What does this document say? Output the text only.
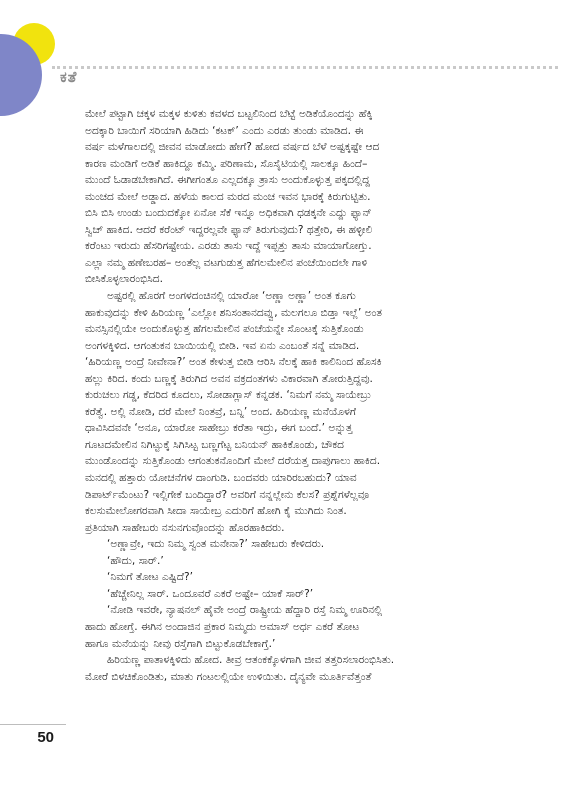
ಕತೆ
ಮೇಲೆ ಪಟ್ಟಾಗಿ ಚಕ್ಕಳ ಮಕ್ಕಳ ಕುಳಿತು ಕವಳದ ಬಟ್ಟಲಿನಿಂದ ಬೆಟ್ಟೆ ಅಡಿಕೆಯೊಂದನ್ನು ಹೆಕ್ಕಿ
ಅದಕ್ಕಾರಿ ಬಾಯಿಗೆ ಸರಿಯಾಗಿ ಹಿಡಿದು ‘ಕಟಕ್’ ಎಂದು ಎರಡು ತುಂಡು ಮಾಡಿದ. ಈ
ವರ್ಷ ಮಳೆಗಾಲದಲ್ಲಿ ಜೀವನ ಮಾಡೋದು ಹೇಗೆ? ಹೋದ ವರ್ಷದ ಬೆಳೆ ಅಷ್ಟಕ್ಕಷ್ಟೇ ಆದ
ಕಾರಣ ಮಂಡಿಗೆ ಅಡಿಕೆ ಹಾಕಿದ್ದೂ ಕಮ್ಮಿ. ಪರಿಣಾಮ, ಸೊಸೈಟಿಯಲ್ಲಿ ಸಾಲಕ್ಕೂ ಹಿಂದೆ–
ಮುಂದೆ ಓಡಾಡಬೇಕಾಗಿದೆ. ಈಗೀಗಂತೂ ಎಲ್ಲದಕ್ಕೂ ತ್ರಾಸು ಅಂದುಕೊಳ್ಳುತ್ತ ಪಕ್ಕದಲ್ಲಿದ್ದ
ಮಂಚದ ಮೇಲೆ ಅಡ್ಡಾದ. ಹಳೆಯ ಕಾಲದ ಮರದ ಮಂಚ ಇವನ ಭಾರಕ್ಕೆ ಕಿರುಗುಟ್ಟಿತು.
ಬಿಸಿ ಬಿಸಿ ಉಂಡು ಬಂದುದಕ್ಕೋ ಏನೋ ಸೆಕೆ ಇನ್ನೂ ಅಧಿಕವಾಗಿ ಧಡಕ್ಕನೇ ಎದ್ದು ಫ್ಯಾನ್
ಸ್ವಿಚ್ ಹಾಕಿದ. ಆದರೆ ಕರೆಂಟ್ ಇದ್ದರಲ್ಲವೇ ಫ್ಯಾನ್ ತಿರುಗುವುದು? ಥತ್ತೇರಿ, ಈ ಹಳ್ಳೀಲಿ
ಕರೆಂಟು ಇರುದು ಹೆಸರಿಗಷ್ಟೇಯ. ಎರಡು ತಾಸು ಇದ್ದೆ ಇಪ್ಪತ್ತು ತಾಸು ಮಾಯಾಗೋಗ್ತು.
ಎಲ್ಲಾ ನಮ್ಮ ಹಣೇಬರಹ– ಅಂತೆಲ್ಲ ವಟಗುಡುತ್ತ ಹೆಗಲಮೇಲಿನ ಪಂಚೆಯಿಂದಲೇ ಗಾಳಿ
ಬೀಸಿಕೊಳ್ಳಲಾರಂಭಿಸಿದ.
ಅಷ್ಟರಲ್ಲಿ ಹೊರಗೆ ಅಂಗಳದಂಚಿನಲ್ಲಿ ಯಾರೋ ‘ಅಣ್ಣಾ ಅಣ್ಣಾ’ ಅಂತ ಕೂಗು
ಹಾಕುವುದನ್ನು ಕೇಳಿ ಹಿರಿಯಣ್ಣ ‘ಎಲ್ಲೋ ಶನಿಸಂತಾನದವ್ವು, ಮಲಗಲೂ ಬಿಡ್ತಾ ಇಲ್ಲೆ’ ಅಂತ
ಮನಸ್ಸಿನಲ್ಲಿಯೇ ಅಂದುಕೊಳ್ಳುತ್ತ ಹೆಗಲಮೇಲಿನ ಪಂಚೆಯನ್ನೇ ಸೊಂಟಕ್ಕೆ ಸುತ್ತಿಕೊಂಡು
ಅಂಗಳಕ್ಕಿಳಿದ. ಆಗಂತುಕನ ಬಾಯಿಯಲ್ಲಿ ಬೀಡಿ. ಇವ ಏನು ಎಂಬಂತೆ ಸನ್ನೆ ಮಾಡಿದ.
‘ಹಿರಿಯಣ್ಣ ಅಂದ್ರೆ ನೀವೇನಾ?’ ಅಂತ ಕೇಳುತ್ತ ಬೀಡಿ ಆರಿಸಿ ನೆಲಕ್ಕೆ ಹಾಕಿ ಕಾಲಿನಿಂದ ಹೊಸಕಿ
ಹಲ್ಲು ಕಿರಿದ. ಕಂದು ಬಣ್ಣಕ್ಕೆ ತಿರುಗಿದ ಅವನ ವಕ್ರದಂತಗಳು ವಿಕಾರವಾಗಿ ತೋರುತ್ತಿದ್ದವು.
ಕುರುಚಲು ಗಡ್ಡ, ಕೆದರಿದ ಕೂದಲು, ಸೋಡಾಗ್ಲಾಸ್ ಕನ್ನಡಕ. ‘ನಿಮಗೆ ನಮ್ಮ ಸಾಯೇಬ್ರು
ಕರೆತ್ವೆ. ಅಲ್ಲಿ ನೋಡಿ, ದರೆ ಮೇಲೆ ನಿಂತವ್ರೆ, ಬನ್ನಿ’ ಅಂದ. ಹಿರಿಯಣ್ಣ ಮನೆಯೊಳಗೆ
ಧಾವಿಸಿದವನೇ ‘ಅನೂ, ಯಾರೋ ಸಾಹೇಬ್ರು ಕರೆತಾ ಇದ್ರು, ಈಗ ಬಂದೆ.’ ಅನ್ನುತ್ತ
ಗೂಟದಮೇಲಿನ ನಿಗಿಟ್ಟುಕ್ಕೆ ಸಿಗಿಸಿಟ್ಟ ಬಣ್ಣಗೆಟ್ಟ ಬನಿಯನ್ ಹಾಕಿಕೊಂಡು, ಚೌಕದ
ಮುಂಡೊಂದನ್ನು ಸುತ್ತಿಕೊಂಡು ಆಗಂತುಕನೊಂದಿಗೆ ಮೇಲೆ ದರೆಯತ್ತ ದಾಪುಗಾಲು ಹಾಕಿದ.
ಮನದಲ್ಲಿ ಹತ್ತಾರು ಯೋಚನೆಗಳ ದಾಂಗುಡಿ. ಬಂದವರು ಯಾರಿರಬಹುದು? ಯಾವ
ಡಿಪಾರ್ಟ್‌ಮೆಂಟು? ಇಲ್ಲಿಗೇಕೆ ಬಂದಿದ್ದಾರೆ? ಅವರಿಗೆ ನನ್ನಲ್ಲೇನು ಕೆಲಸ? ಪ್ರಶ್ನೆಗಳೆಲ್ಲವೂ
ಕಲಸುಮೇಲೋಗರವಾಗಿ ಸೀದಾ ಸಾಯೇಬ್ರ ಎದುರಿಗೆ ಹೋಗಿ ಕೈ ಮುಗಿದು ನಿಂತ.
ಪ್ರತಿಯಾಗಿ ಸಾಹೇಬರು ನಸುನಗುವೊಂದನ್ನು ಹೊರಹಾಕಿದರು.
‘ಅಣ್ಣಾವ್ರೇ, ಇದು ನಿಮ್ಮ ಸ್ವಂತ ಮನೇನಾ?’ ಸಾಹೇಬರು ಕೇಳಿದರು.
‘ಹೌದು, ಸಾರ್.’
‘ನಿಮಗೆ ತೋಟ ಎಷ್ಟಿದೆ?’
‘ಹೆಚ್ಚೇನಿಲ್ಲ ಸಾರ್. ಒಂದೂವರೆ ಎಕರೆ ಅಷ್ಟೇ– ಯಾಕೆ ಸಾರ್?’
‘ನೋಡಿ ಇವರೇ, ನ್ಯಾಷನಲ್ ಹೈವೇ ಅಂದ್ರೆ ರಾಷ್ಟ್ರೀಯ ಹೆದ್ದಾರಿ ರಸ್ತೆ ನಿಮ್ಮ ಊರಿನಲ್ಲಿ
ಹಾದು ಹೋಗ್ತೆ. ಈಗಿನ ಅಂದಾಜಿನ ಪ್ರಕಾರ ನಿಮ್ಮದು ಅಮಾಸ್ ಅರ್ಧ ಎಕರೆ ತೋಟ
ಹಾಗೂ ಮನೆಯನ್ನು ನೀವು ರಸ್ತೆಗಾಗಿ ಬಿಟ್ಟುಕೊಡಬೇಕಾಗ್ತೆ.’
ಹಿರಿಯಣ್ಣ ಪಾತಾಳಕ್ಕಿಳಿದು ಹೋದ. ತೀವ್ರ ಆತಂಕಕ್ಕೊಳಗಾಗಿ ಜೀವ ತತ್ತರಿಸಲಾರಂಭಿಸಿತು.
ಮೋರೆ ಬಿಳಚಿಕೊಂಡಿತು, ಮಾತು ಗಂಟಲಲ್ಲಿಯೇ ಉಳಿಯಿತು. ದೈನ್ಯವೇ ಮೂರ್ತಿವೆತ್ತಂತೆ
50
